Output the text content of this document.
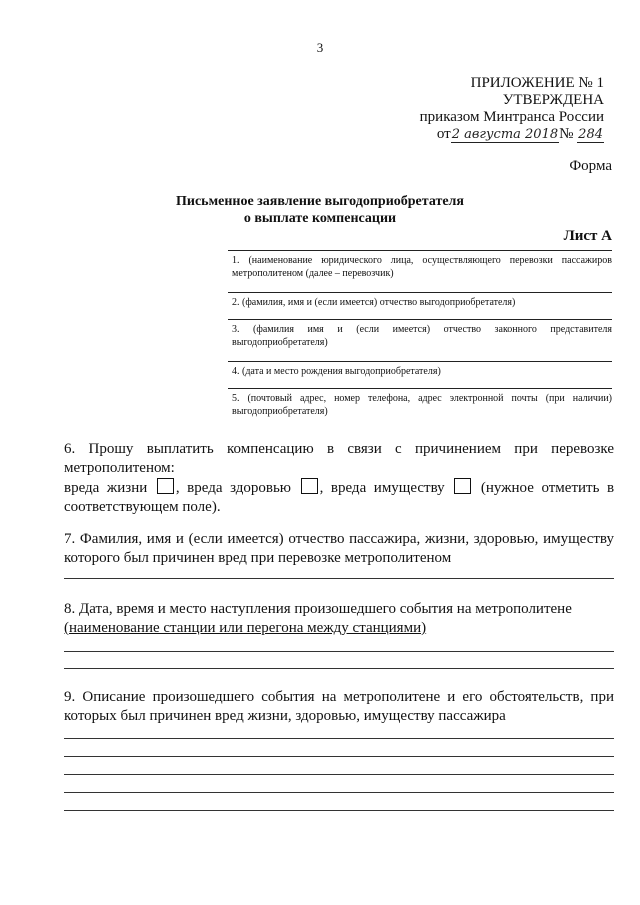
3
ПРИЛОЖЕНИЕ № 1
УТВЕРЖДЕНА
приказом Минтранса России
от2 августа 2018№ 284
Форма
Письменное заявление выгодоприобретателя
о выплате компенсации
Лист А
1. (наименование юридического лица, осуществляющего перевозки пассажиров метрополитеном (далее – перевозчик)
2. (фамилия, имя и (если имеется) отчество выгодоприобретателя)
3. (фамилия имя и (если имеется) отчество законного представителя выгодоприобретателя)
4. (дата и место рождения выгодоприобретателя)
5. (почтовый адрес, номер телефона, адрес электронной почты (при наличии) выгодоприобретателя)
6. Прошу выплатить компенсацию в связи с причинением при перевозке метрополитеном:
вреда жизни , вреда здоровью , вреда имуществу (нужное отметить в соответствующем поле).
7. Фамилия, имя и (если имеется) отчество пассажира, жизни, здоровью, имуществу которого был причинен вред при перевозке метрополитеном
8. Дата, время и место наступления произошедшего события на метрополитене
(наименование станции или перегона между станциями)
9. Описание произошедшего события на метрополитене и его обстоятельств, при которых был причинен вред жизни, здоровью, имуществу пассажира
